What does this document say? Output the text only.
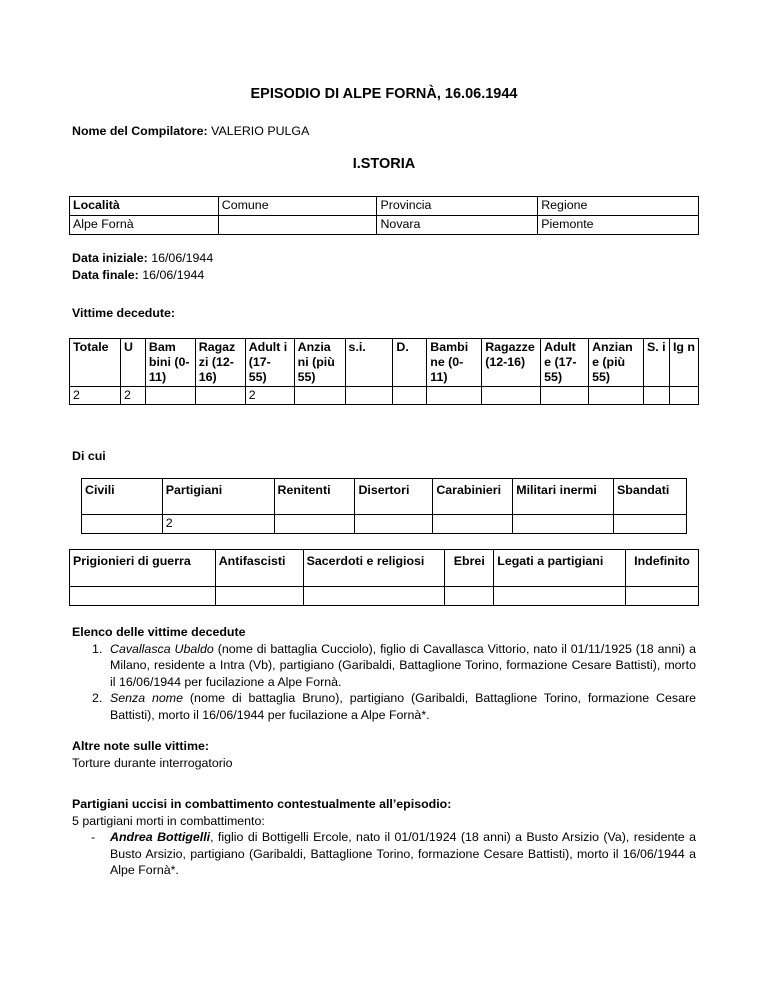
EPISODIO DI ALPE FORNÀ, 16.06.1944
Nome del Compilatore: VALERIO PULGA
I.STORIA
Località	Comune	Provincia	Regione
Alpe Fornà		Novara	Piemonte
Data iniziale: 16/06/1944
Data finale: 16/06/1944
Vittime decedute:
Totale	U	Bam bini (0- 11)	Ragaz zi (12- 16)	Adult i (17- 55)	Anzia ni (più 55)	s.i.	D.	Bambi ne (0- 11)	Ragazze (12-16)	Adult e (17- 55)	Anzian e (più 55)	S. i	Ig n
2	2			2									
Di cui
Civili	Partigiani	Renitenti	Disertori	Carabinieri	Militari inermi	Sbandati
	2					
Prigionieri di guerra	Antifascisti	Sacerdoti e religiosi	Ebrei	Legati a partigiani	Indefinito

Elenco delle vittime decedute
1. Cavallasca Ubaldo (nome di battaglia Cucciolo), figlio di Cavallasca Vittorio, nato il 01/11/1925 (18 anni) a Milano, residente a Intra (Vb), partigiano (Garibaldi, Battaglione Torino, formazione Cesare Battisti), morto il 16/06/1944 per fucilazione a Alpe Fornà.
2. Senza nome (nome di battaglia Bruno), partigiano (Garibaldi, Battaglione Torino, formazione Cesare Battisti), morto il 16/06/1944 per fucilazione a Alpe Fornà*.
Altre note sulle vittime:
Torture durante interrogatorio
Partigiani uccisi in combattimento contestualmente all’episodio:
5 partigiani morti in combattimento:
- Andrea Bottigelli, figlio di Bottigelli Ercole, nato il 01/01/1924 (18 anni) a Busto Arsizio (Va), residente a Busto Arsizio, partigiano (Garibaldi, Battaglione Torino, formazione Cesare Battisti), morto il 16/06/1944 a Alpe Fornà*.
